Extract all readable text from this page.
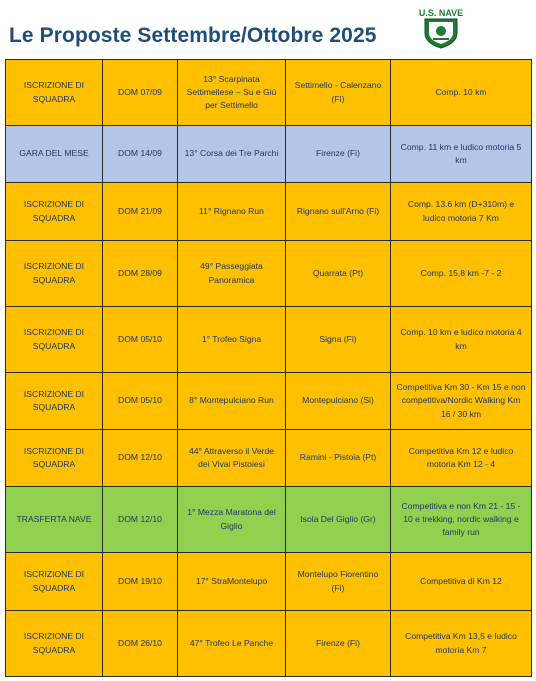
Le Proposte Settembre/Ottobre 2025
U.S. NAVE
ISCRIZIONE DI SQUADRA	DOM 07/09	13° Scarpinata Settimellese – Su e Giù per Settimello	Settimello - Calenzano (Fi)	Comp. 10 km
GARA DEL MESE	DOM 14/09	13° Corsa dei Tre Parchi	Firenze (Fi)	Comp. 11 km e ludico motoria 5 km
ISCRIZIONE DI SQUADRA	DOM 21/09	11° Rignano Run	Rignano sull'Arno (Fi)	Comp. 13.6 km (D+310m) e ludico motoria 7 Km
ISCRIZIONE DI SQUADRA	DOM 28/09	49° Passeggiata Panoramica	Quarrata (Pt)	Comp. 15,8 km -7 - 2
ISCRIZIONE DI SQUADRA	DOM 05/10	1° Trofeo Signa	Signa (Fi)	Comp. 10 km e ludico motoria 4 km
ISCRIZIONE DI SQUADRA	DOM 05/10	8° Montepulciano Run	Montepulciano (Si)	Competitiva Km 30 - Km 15 e non competitiva/Nordic Walking Km 16 / 30 km
ISCRIZIONE DI SQUADRA	DOM 12/10	44° Attraverso il Verde dei Vivai Pistoiesi	Ramini - Pistoia (Pt)	Competitiva Km 12 e ludico motoria Km 12 - 4
TRASFERTA NAVE	DOM 12/10	1° Mezza Maratona del Giglio	Isola Del Giglio (Gr)	Competitiva e non Km 21 - 15 - 10 e trekking, nordic walking e family run
ISCRIZIONE DI SQUADRA	DOM 19/10	17° StraMontelupo	Montelupo Fiorentino (Fi)	Competitiva di Km 12
ISCRIZIONE DI SQUADRA	DOM 26/10	47° Trofeo Le Panche	Firenze (Fi)	Competitiva Km 13,5 e ludico motoria Km 7
